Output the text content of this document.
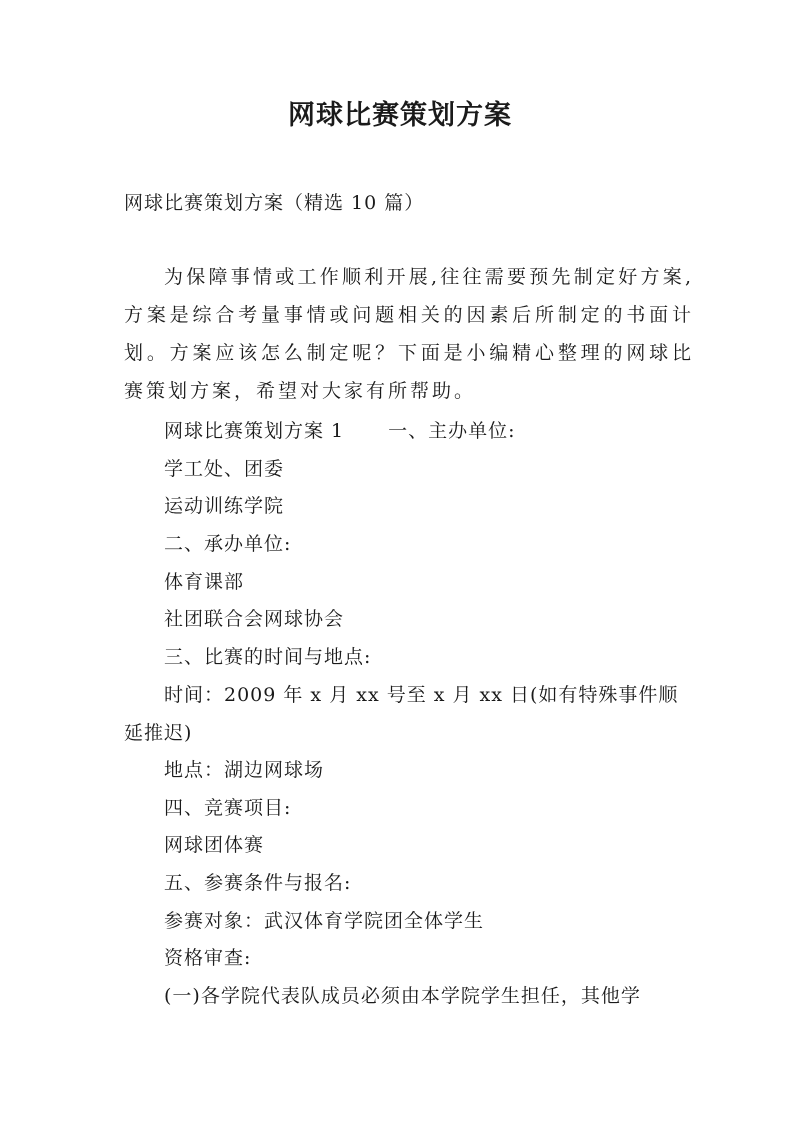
网球比赛策划方案
网球比赛策划方案（精选 10 篇）
为保障事情或工作顺利开展,往往需要预先制定好方案,方案是综合考量事情或问题相关的因素后所制定的书面计划。方案应该怎么制定呢？下面是小编精心整理的网球比赛策划方案，希望对大家有所帮助。
网球比赛策划方案 1 一、主办单位:
学工处、团委
运动训练学院
二、承办单位:
体育课部
社团联合会网球协会
三、比赛的时间与地点:
时间：2009 年 x 月 xx 号至 x 月 xx 日(如有特殊事件顺延推迟)
地点：湖边网球场
四、竞赛项目:
网球团体赛
五、参赛条件与报名:
参赛对象：武汉体育学院团全体学生
资格审查:
(一)各学院代表队成员必须由本学院学生担任，其他学
